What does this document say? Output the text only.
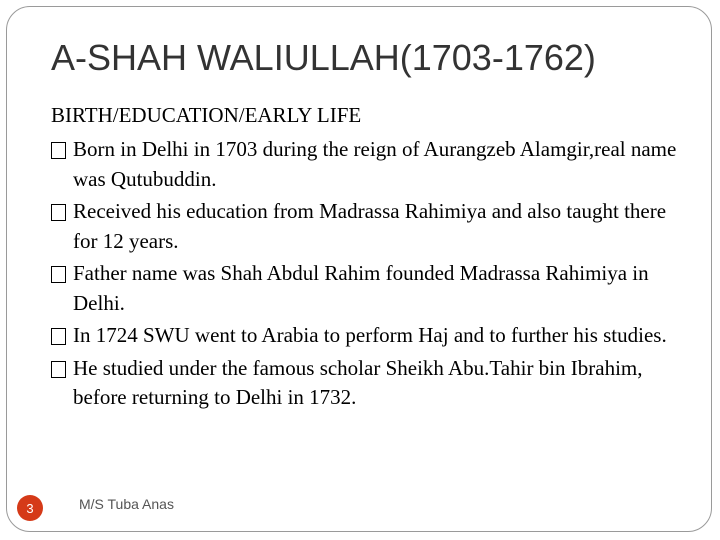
A-SHAH WALIULLAH(1703-1762)
BIRTH/EDUCATION/EARLY LIFE
Born in Delhi in 1703 during the reign of Aurangzeb Alamgir,real name was Qutubuddin.
Received his education from Madrassa Rahimiya and also taught there for 12 years.
Father name was Shah Abdul Rahim founded Madrassa Rahimiya in Delhi.
In 1724 SWU went to Arabia to perform Haj and to further his studies.
He studied under the famous scholar Sheikh Abu.Tahir bin Ibrahim, before returning to Delhi in 1732.
3	M/S Tuba Anas
